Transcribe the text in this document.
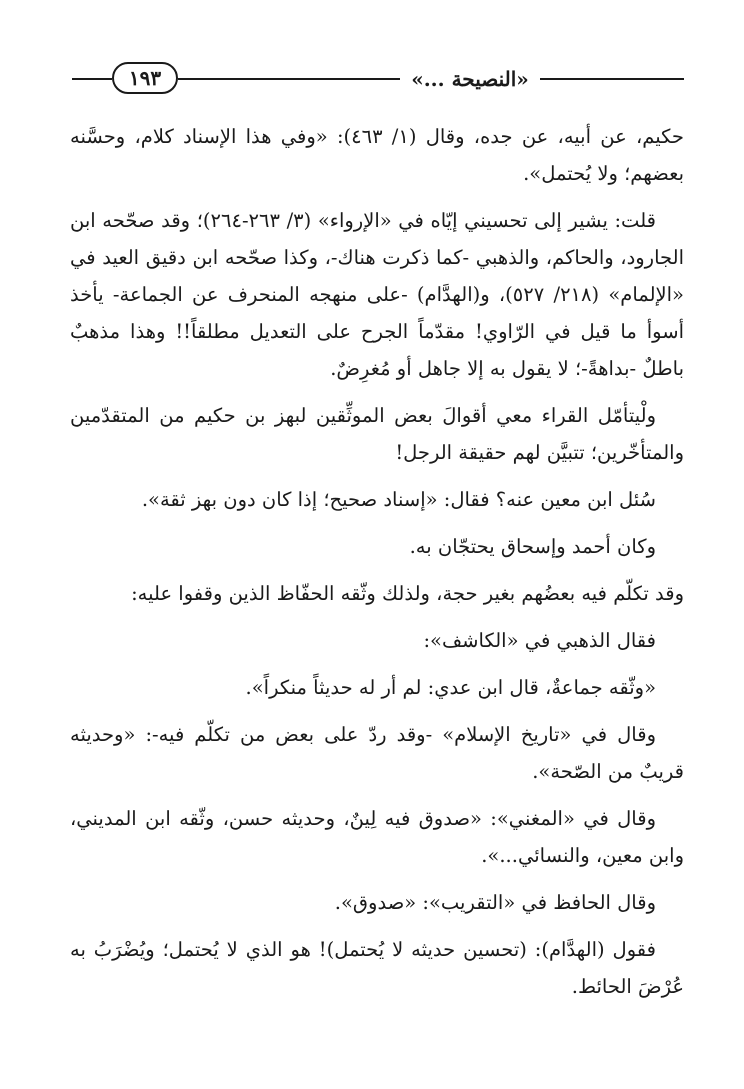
١٩٣	«النصيحة ...»

حكيم، عن أبيه، عن جده، وقال (١/ ٤٦٣): «وفي هذا الإسناد كلام، وحسَّنه بعضهم؛ ولا يُحتمل».

قلت: يشير إلى تحسيني إيّاه في «الإرواء» (٣/ ٢٦٣-٢٦٤)؛ وقد صحّحه ابن الجارود، والحاكم، والذهبي -كما ذكرت هناك-، وكذا صحّحه ابن دقيق العيد في «الإلمام» (٢١٨/ ٥٢٧)، و(الهدَّام) -على منهجه المنحرف عن الجماعة- يأخذ أسوأ ما قيل في الرّاوي! مقدّماً الجرح على التعديل مطلقاً!! وهذا مذهبٌ باطلٌ -بداهةً-؛ لا يقول به إلا جاهل أو مُغرِضٌ.

ولْيتأمّل القراء معي أقوالَ بعض الموثِّقين لبهز بن حكيم من المتقدّمين والمتأخّرين؛ تتبيَّن لهم حقيقة الرجل!

سُئل ابن معين عنه؟ فقال: «إسناد صحيح؛ إذا كان دون بهز ثقة».

وكان أحمد وإسحاق يحتجّان به.

وقد تكلّم فيه بعضُهم بغير حجة، ولذلك وثّقه الحفّاظ الذين وقفوا عليه:

فقال الذهبي في «الكاشف»:

«وثّقه جماعةٌ، قال ابن عدي: لم أر له حديثاً منكراً».

وقال في «تاريخ الإسلام» -وقد ردّ على بعض من تكلّم فيه-: «وحديثه قريبٌ من الصّحة».

وقال في «المغني»: «صدوق فيه لِينٌ، وحديثه حسن، وثّقه ابن المديني، وابن معين، والنسائي...».

وقال الحافظ في «التقريب»: «صدوق».

فقول (الهدَّام): (تحسين حديثه لا يُحتمل)! هو الذي لا يُحتمل؛ ويُضْرَبُ به عُرْضَ الحائط.
